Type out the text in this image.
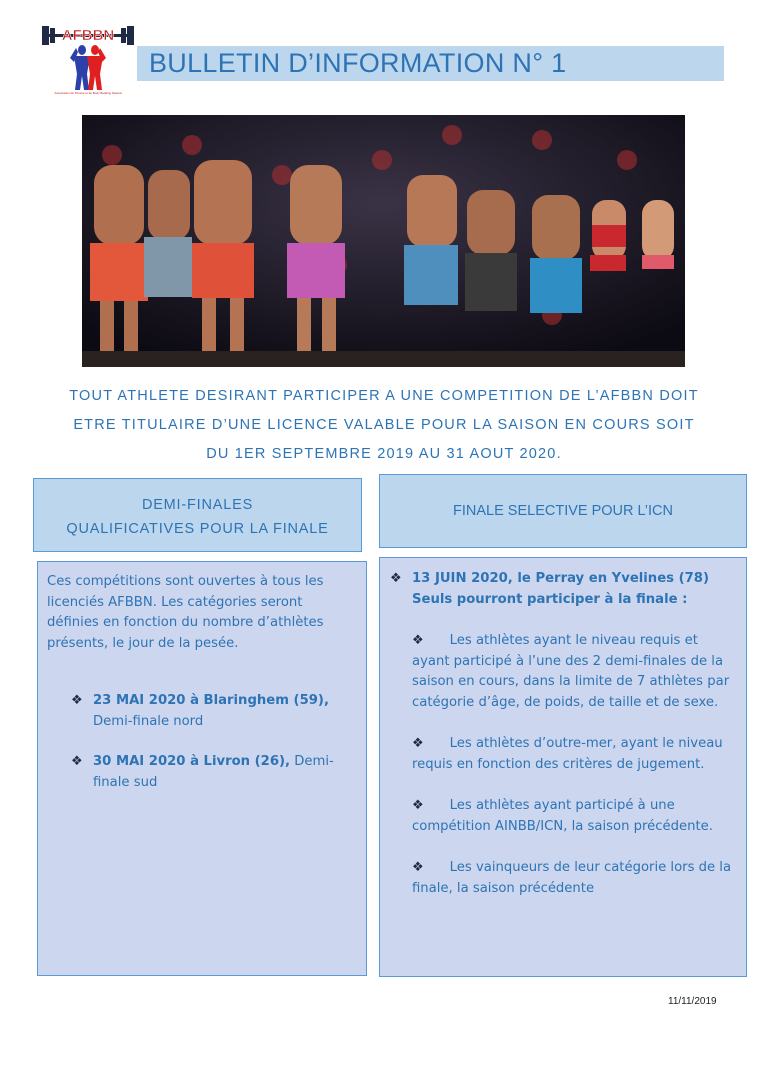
AFBBN
Association de Fitness et de Body Building Natural
BULLETIN D’INFORMATION N° 1
TOUT ATHLETE DESIRANT PARTICIPER A UNE COMPETITION DE L’AFBBN DOIT
ETRE TITULAIRE D’UNE LICENCE VALABLE POUR LA SAISON EN COURS SOIT
DU 1ER SEPTEMBRE 2019 AU 31 AOUT 2020.
DEMI-FINALES
QUALIFICATIVES POUR LA FINALE
FINALE SELECTIVE POUR L’ICN

Ces compétitions sont ouvertes à tous les licenciés AFBBN. Les catégories seront définies en fonction du nombre d’athlètes présents, le jour de la pesée.

❖ 23 MAI 2020 à Blaringhem (59), Demi-finale nord
❖ 30 MAI 2020 à Livron (26), Demi-finale sud
❖ 13 JUIN 2020, le Perray en Yvelines (78)
Seuls pourront participer à la finale :

❖ Les athlètes ayant le niveau requis et ayant participé à l’une des 2 demi-finales de la saison en cours, dans la limite de 7 athlètes par catégorie d’âge, de poids, de taille et de sexe.

❖ Les athlètes d’outre-mer, ayant le niveau requis en fonction des critères de jugement.

❖ Les athlètes ayant participé à une compétition AINBB/ICN, la saison précédente.

❖ Les vainqueurs de leur catégorie lors de la finale, la saison précédente

11/11/2019
